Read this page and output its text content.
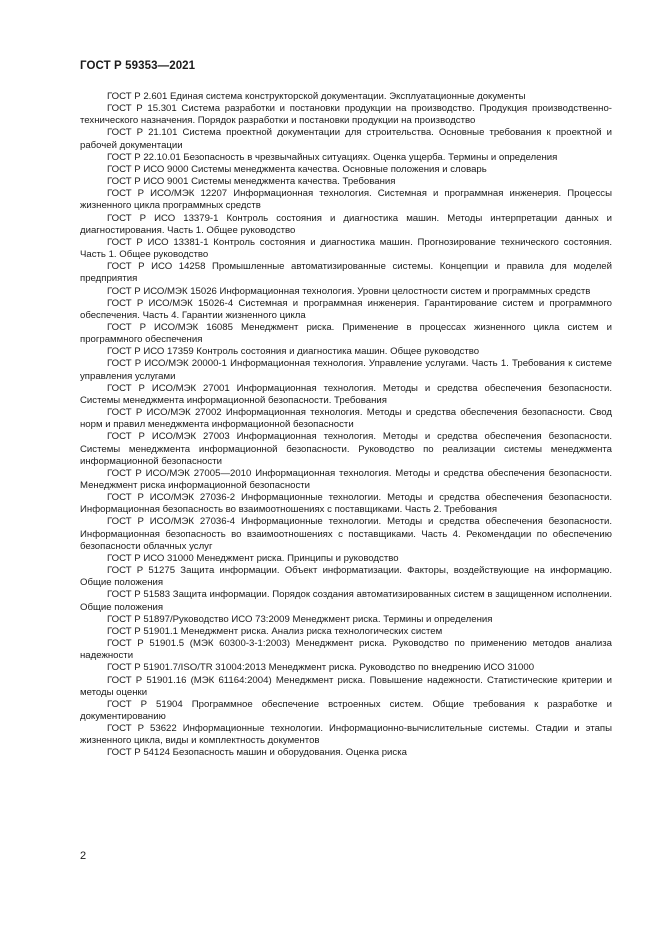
ГОСТ Р 59353—2021

ГОСТ Р 2.601 Единая система конструкторской документации. Эксплуатационные документы

ГОСТ Р 15.301 Система разработки и постановки продукции на производство. Продукция производственно-технического назначения. Порядок разработки и постановки продукции на производство

ГОСТ Р 21.101 Система проектной документации для строительства. Основные требования к проектной и рабочей документации

ГОСТ Р 22.10.01 Безопасность в чрезвычайных ситуациях. Оценка ущерба. Термины и определения

ГОСТ Р ИСО 9000 Системы менеджмента качества. Основные положения и словарь

ГОСТ Р ИСО 9001 Системы менеджмента качества. Требования

ГОСТ Р ИСО/МЭК 12207 Информационная технология. Системная и программная инженерия. Процессы жизненного цикла программных средств

ГОСТ Р ИСО 13379-1 Контроль состояния и диагностика машин. Методы интерпретации данных и диагностирования. Часть 1. Общее руководство

ГОСТ Р ИСО 13381-1 Контроль состояния и диагностика машин. Прогнозирование технического состояния. Часть 1. Общее руководство

ГОСТ Р ИСО 14258 Промышленные автоматизированные системы. Концепции и правила для моделей предприятия

ГОСТ Р ИСО/МЭК 15026 Информационная технология. Уровни целостности систем и программных средств

ГОСТ Р ИСО/МЭК 15026-4 Системная и программная инженерия. Гарантирование систем и программного обеспечения. Часть 4. Гарантии жизненного цикла

ГОСТ Р ИСО/МЭК 16085 Менеджмент риска. Применение в процессах жизненного цикла систем и программного обеспечения

ГОСТ Р ИСО 17359 Контроль состояния и диагностика машин. Общее руководство

ГОСТ Р ИСО/МЭК 20000-1 Информационная технология. Управление услугами. Часть 1. Требования к системе управления услугами

ГОСТ Р ИСО/МЭК 27001 Информационная технология. Методы и средства обеспечения безопасности. Системы менеджмента информационной безопасности. Требования

ГОСТ Р ИСО/МЭК 27002 Информационная технология. Методы и средства обеспечения безопасности. Свод норм и правил менеджмента информационной безопасности

ГОСТ Р ИСО/МЭК 27003 Информационная технология. Методы и средства обеспечения безопасности. Системы менеджмента информационной безопасности. Руководство по реализации системы менеджмента информационной безопасности

ГОСТ Р ИСО/МЭК 27005—2010 Информационная технология. Методы и средства обеспечения безопасности. Менеджмент риска информационной безопасности

ГОСТ Р ИСО/МЭК 27036-2 Информационные технологии. Методы и средства обеспечения безопасности. Информационная безопасность во взаимоотношениях с поставщиками. Часть 2. Требования

ГОСТ Р ИСО/МЭК 27036-4 Информационные технологии. Методы и средства обеспечения безопасности. Информационная безопасность во взаимоотношениях с поставщиками. Часть 4. Рекомендации по обеспечению безопасности облачных услуг

ГОСТ Р ИСО 31000 Менеджмент риска. Принципы и руководство

ГОСТ Р 51275 Защита информации. Объект информатизации. Факторы, воздействующие на информацию. Общие положения

ГОСТ Р 51583 Защита информации. Порядок создания автоматизированных систем в защищенном исполнении. Общие положения

ГОСТ Р 51897/Руководство ИСО 73:2009 Менеджмент риска. Термины и определения

ГОСТ Р 51901.1 Менеджмент риска. Анализ риска технологических систем

ГОСТ Р 51901.5 (МЭК 60300-3-1:2003) Менеджмент риска. Руководство по применению методов анализа надежности

ГОСТ Р 51901.7/ISO/TR 31004:2013 Менеджмент риска. Руководство по внедрению ИСО 31000

ГОСТ Р 51901.16 (МЭК 61164:2004) Менеджмент риска. Повышение надежности. Статистические критерии и методы оценки

ГОСТ Р 51904 Программное обеспечение встроенных систем. Общие требования к разработке и документированию

ГОСТ Р 53622 Информационные технологии. Информационно-вычислительные системы. Стадии и этапы жизненного цикла, виды и комплектность документов

ГОСТ Р 54124 Безопасность машин и оборудования. Оценка риска

2
